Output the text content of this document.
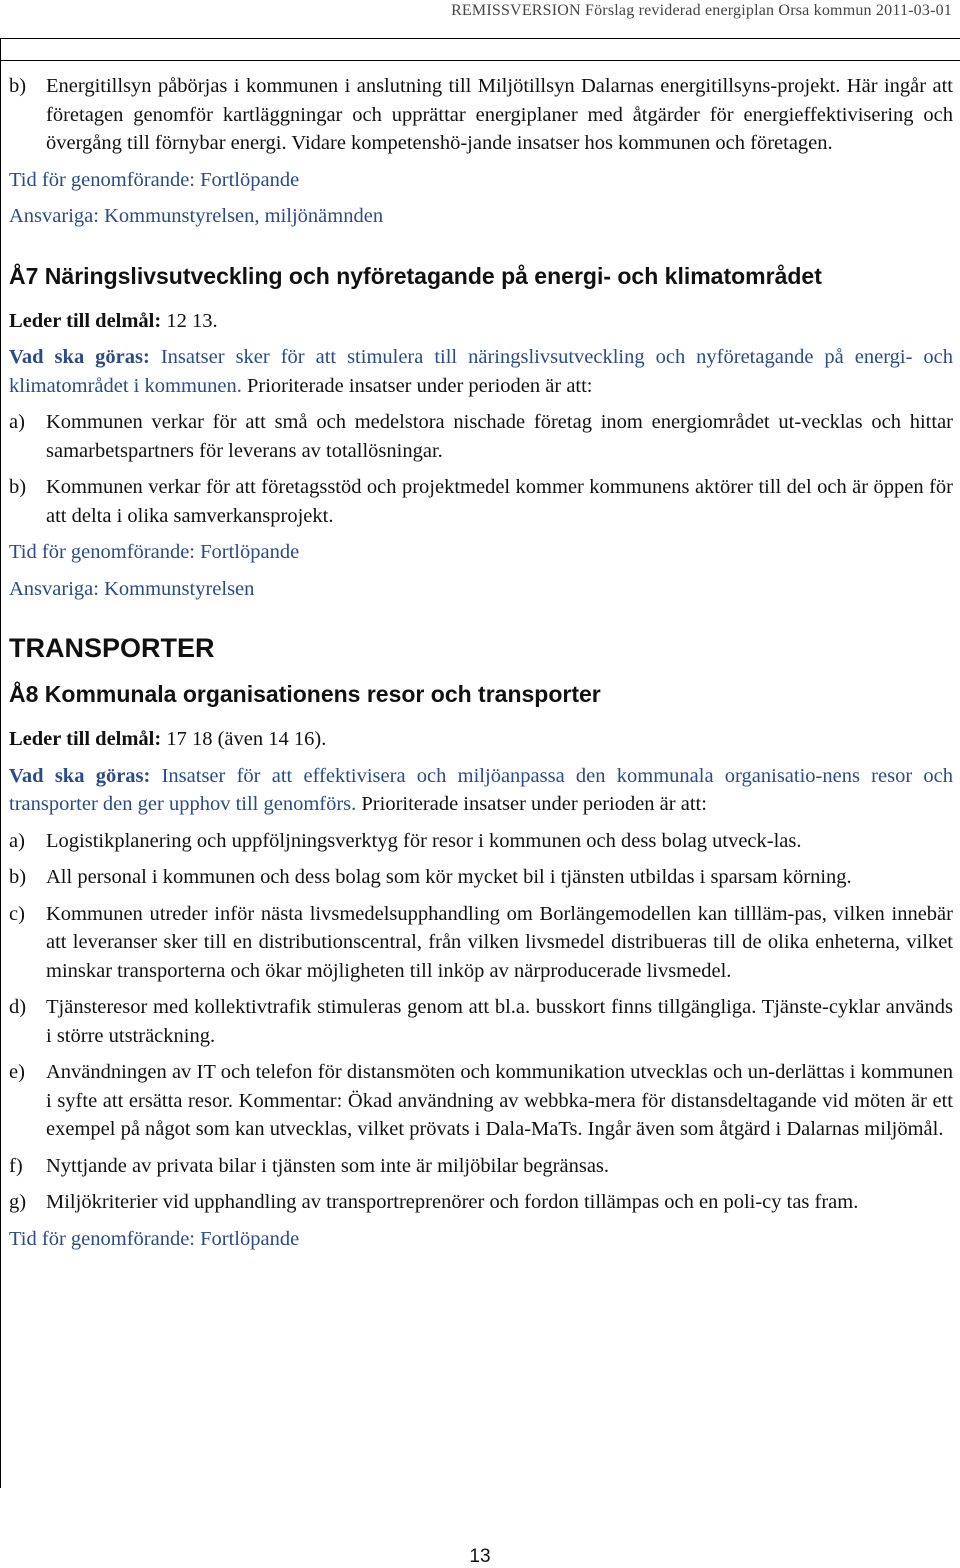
REMISSVERSION Förslag reviderad energiplan Orsa kommun 2011-03-01
b) Energitillsyn påbörjas i kommunen i anslutning till Miljötillsyn Dalarnas energitillsyns-projekt. Här ingår att företagen genomför kartläggningar och upprättar energiplaner med åtgärder för energieffektivisering och övergång till förnybar energi. Vidare kompetenshö-jande insatser hos kommunen och företagen.
Tid för genomförande: Fortlöpande
Ansvariga: Kommunstyrelsen, miljönämnden
Å7 Näringslivsutveckling och nyföretagande på energi- och klimatområdet
Leder till delmål: 12 13.
Vad ska göras: Insatser sker för att stimulera till näringslivsutveckling och nyföretagande på energi- och klimatområdet i kommunen. Prioriterade insatser under perioden är att:
a)	Kommunen verkar för att små och medelstora nischade företag inom energiområdet ut-vecklas och hittar samarbetspartners för leverans av totallösningar.
b) Kommunen verkar för att företagsstöd och projektmedel kommer kommunens aktörer till del och är öppen för att delta i olika samverkansprojekt.
Tid för genomförande: Fortlöpande
Ansvariga: Kommunstyrelsen
TRANSPORTER
Å8 Kommunala organisationens resor och transporter
Leder till delmål: 17 18 (även 14 16).
Vad ska göras: Insatser för att effektivisera och miljöanpassa den kommunala organisatio-nens resor och transporter den ger upphov till genomförs. Prioriterade insatser under perioden är att:
a)	Logistikplanering och uppföljningsverktyg för resor i kommunen och dess bolag utveck-las.
b) All personal i kommunen och dess bolag som kör mycket bil i tjänsten utbildas i sparsam körning.
c)	Kommunen utreder inför nästa livsmedelsupphandling om Borlängemodellen kan tillläm-pas, vilken innebär att leveranser sker till en distributionscentral, från vilken livsmedel distribueras till de olika enheterna, vilket minskar transporterna och ökar möjligheten till inköp av närproducerade livsmedel.
d) Tjänsteresor med kollektivtrafik stimuleras genom att bl.a. busskort finns tillgängliga. Tjänste-cyklar används i större utsträckning.
e)	Användningen av IT och telefon för distansmöten och kommunikation utvecklas och un-derlättas i kommunen i syfte att ersätta resor. Kommentar: Ökad användning av webbka-mera för distansdeltagande vid möten är ett exempel på något som kan utvecklas, vilket prövats i Dala-MaTs. Ingår även som åtgärd i Dalarnas miljömål.
f)	Nyttjande av privata bilar i tjänsten som inte är miljöbilar begränsas.
g) Miljökriterier vid upphandling av transportreprenörer och fordon tillämpas och en poli-cy tas fram.
Tid för genomförande: Fortlöpande
13
